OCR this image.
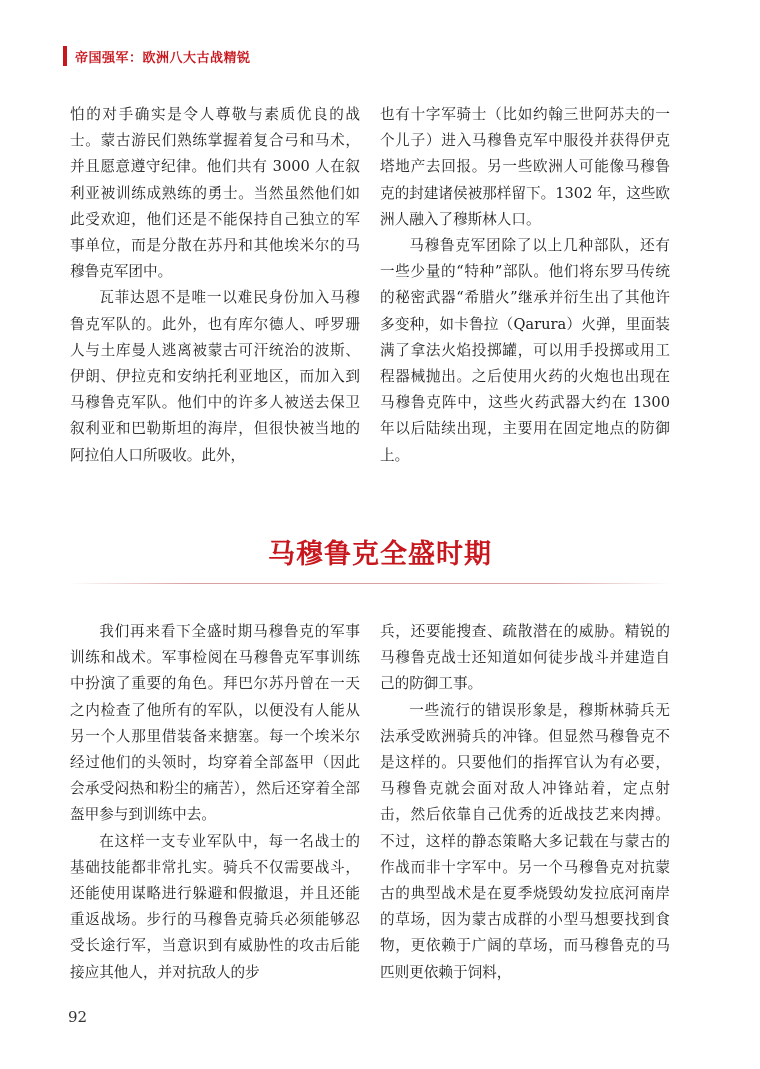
帝国强军：欧洲八大古战精锐

怕的对手确实是令人尊敬与素质优良的战士。蒙古游民们熟练掌握着复合弓和马术，并且愿意遵守纪律。他们共有 3000 人在叙利亚被训练成熟练的勇士。当然虽然他们如此受欢迎，他们还是不能保持自己独立的军事单位，而是分散在苏丹和其他埃米尔的马穆鲁克军团中。

瓦菲达恩不是唯一以难民身份加入马穆鲁克军队的。此外，也有库尔德人、呼罗珊人与土库曼人逃离被蒙古可汗统治的波斯、伊朗、伊拉克和安纳托利亚地区，而加入到马穆鲁克军队。他们中的许多人被送去保卫叙利亚和巴勒斯坦的海岸，但很快被当地的阿拉伯人口所吸收。此外，

也有十字军骑士（比如约翰三世阿苏夫的一个儿子）进入马穆鲁克军中服役并获得伊克塔地产去回报。另一些欧洲人可能像马穆鲁克的封建诸侯被那样留下。1302 年，这些欧洲人融入了穆斯林人口。

马穆鲁克军团除了以上几种部队，还有一些少量的“特种”部队。他们将东罗马传统的秘密武器“希腊火”继承并衍生出了其他许多变种，如卡鲁拉（Qarura）火弹，里面装满了拿法火焰投掷罐，可以用手投掷或用工程器械抛出。之后使用火药的火炮也出现在马穆鲁克阵中，这些火药武器大约在 1300 年以后陆续出现，主要用在固定地点的防御上。

马穆鲁克全盛时期

我们再来看下全盛时期马穆鲁克的军事训练和战术。军事检阅在马穆鲁克军事训练中扮演了重要的角色。拜巴尔苏丹曾在一天之内检查了他所有的军队，以便没有人能从另一个人那里借装备来搪塞。每一个埃米尔经过他们的头领时，均穿着全部盔甲（因此会承受闷热和粉尘的痛苦），然后还穿着全部盔甲参与到训练中去。

在这样一支专业军队中，每一名战士的基础技能都非常扎实。骑兵不仅需要战斗，还能使用谋略进行躲避和假撤退，并且还能重返战场。步行的马穆鲁克骑兵必须能够忍受长途行军，当意识到有威胁性的攻击后能接应其他人，并对抗敌人的步

兵，还要能搜查、疏散潜在的威胁。精锐的马穆鲁克战士还知道如何徒步战斗并建造自己的防御工事。

一些流行的错误形象是，穆斯林骑兵无法承受欧洲骑兵的冲锋。但显然马穆鲁克不是这样的。只要他们的指挥官认为有必要，马穆鲁克就会面对敌人冲锋站着，定点射击，然后依靠自己优秀的近战技艺来肉搏。不过，这样的静态策略大多记载在与蒙古的作战而非十字军中。另一个马穆鲁克对抗蒙古的典型战术是在夏季烧毁幼发拉底河南岸的草场，因为蒙古成群的小型马想要找到食物，更依赖于广阔的草场，而马穆鲁克的马匹则更依赖于饲料，

92
